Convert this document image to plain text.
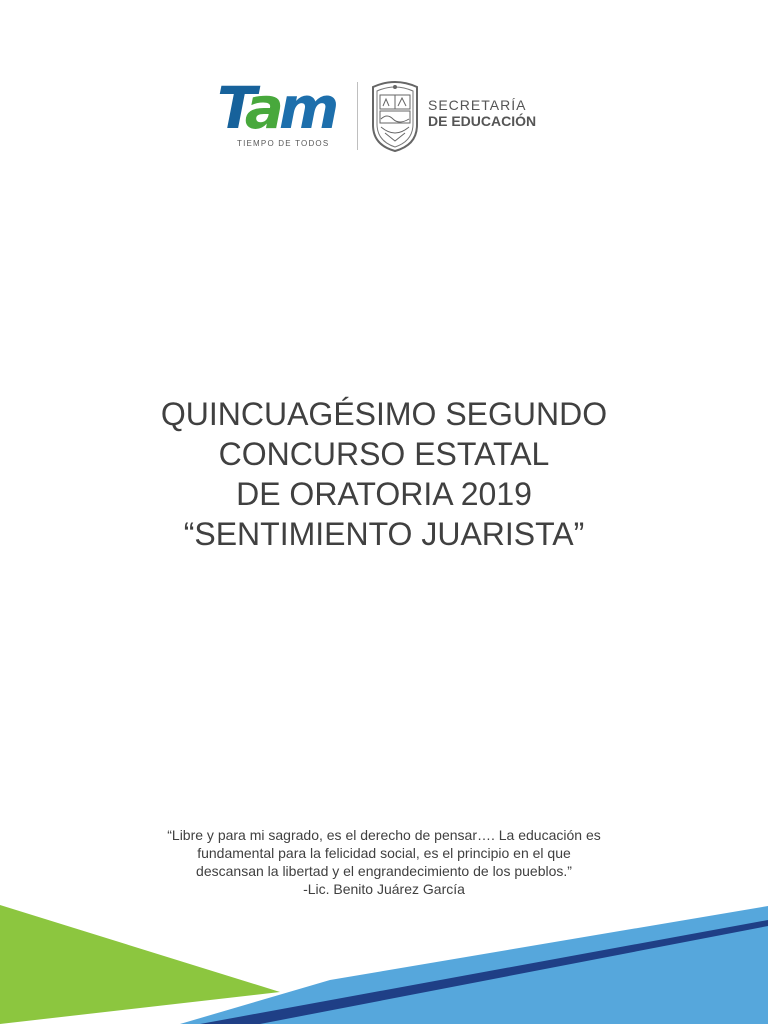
Tam
TIEMPO DE TODOS
SECRETARÍA
DE EDUCACIÓN
QUINCUAGÉSIMO SEGUNDO
CONCURSO ESTATAL
DE ORATORIA 2019
“SENTIMIENTO JUARISTA”
“Libre y para mi sagrado, es el derecho de pensar…. La educación es
fundamental para la felicidad social, es el principio en el que
descansan la libertad y el engrandecimiento de los pueblos.”
-Lic. Benito Juárez García
